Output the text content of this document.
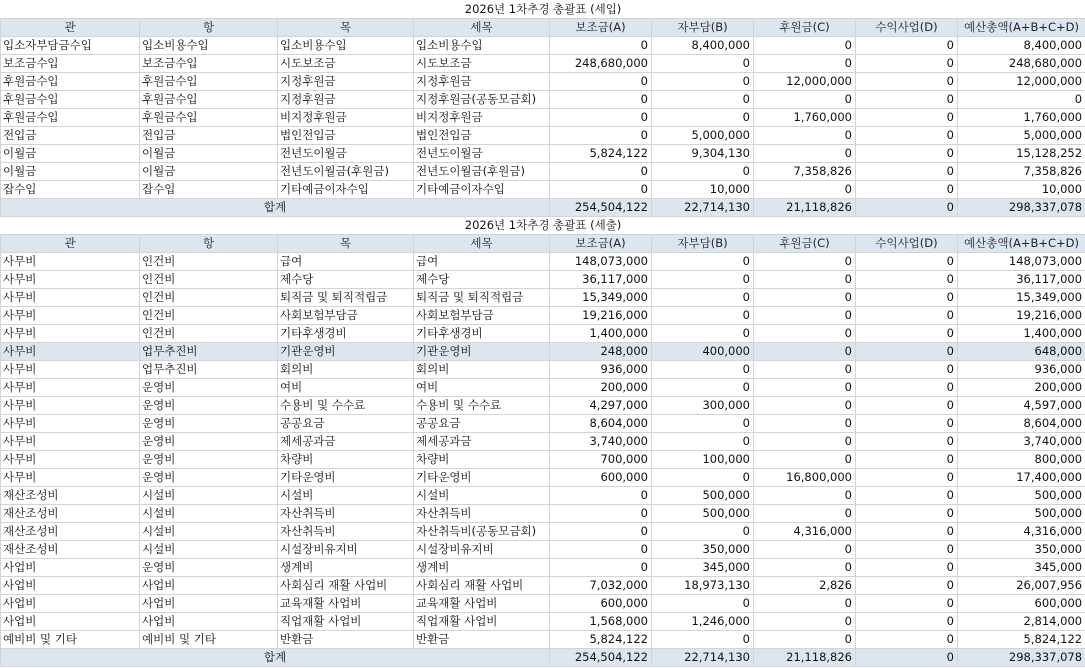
2026년 1차추경 총괄표 (세입)								
관	항	목	세목	보조금(A)	자부담(B)	후원금(C)	수익사업(D)	예산총액(A+B+C+D)
입소자부담금수입	입소비용수입	입소비용수입	입소비용수입	0	8,400,000	0	0	8,400,000
보조금수입	보조금수입	시도보조금	시도보조금	248,680,000	0	0	0	248,680,000
후원금수입	후원금수입	지정후원금	지정후원금	0	0	12,000,000	0	12,000,000
후원금수입	후원금수입	지정후원금	지정후원금(공동모금회)	0	0	0	0	0
후원금수입	후원금수입	비지정후원금	비지정후원금	0	0	1,760,000	0	1,760,000
전입금	전입금	법인전입금	법인전입금	0	5,000,000	0	0	5,000,000
이월금	이월금	전년도이월금	전년도이월금	5,824,122	9,304,130	0	0	15,128,252
이월금	이월금	전년도이월금(후원금)	전년도이월금(후원금)	0	0	7,358,826	0	7,358,826
잡수입	잡수입	기타예금이자수입	기타예금이자수입	0	10,000	0	0	10,000
합계				254,504,122	22,714,130	21,118,826	0	298,337,078
2026년 1차추경 총괄표 (세출)								
관	항	목	세목	보조금(A)	자부담(B)	후원금(C)	수익사업(D)	예산총액(A+B+C+D)
사무비	인건비	급여	급여	148,073,000	0	0	0	148,073,000
사무비	인건비	제수당	제수당	36,117,000	0	0	0	36,117,000
사무비	인건비	퇴직금 및 퇴직적립금	퇴직금 및 퇴직적립금	15,349,000	0	0	0	15,349,000
사무비	인건비	사회보험부담금	사회보험부담금	19,216,000	0	0	0	19,216,000
사무비	인건비	기타후생경비	기타후생경비	1,400,000	0	0	0	1,400,000
사무비	업무추진비	기관운영비	기관운영비	248,000	400,000	0	0	648,000
사무비	업무추진비	회의비	회의비	936,000	0	0	0	936,000
사무비	운영비	여비	여비	200,000	0	0	0	200,000
사무비	운영비	수용비 및 수수료	수용비 및 수수료	4,297,000	300,000	0	0	4,597,000
사무비	운영비	공공요금	공공요금	8,604,000	0	0	0	8,604,000
사무비	운영비	제세공과금	제세공과금	3,740,000	0	0	0	3,740,000
사무비	운영비	차량비	차량비	700,000	100,000	0	0	800,000
사무비	운영비	기타운영비	기타운영비	600,000	0	16,800,000	0	17,400,000
재산조성비	시설비	시설비	시설비	0	500,000	0	0	500,000
재산조성비	시설비	자산취득비	자산취득비	0	500,000	0	0	500,000
재산조성비	시설비	자산취득비	자산취득비(공동모금회)	0	0	4,316,000	0	4,316,000
재산조성비	시설비	시설장비유지비	시설장비유지비	0	350,000	0	0	350,000
사업비	운영비	생계비	생계비	0	345,000	0	0	345,000
사업비	사업비	사회심리 재활 사업비	사회심리 재활 사업비	7,032,000	18,973,130	2,826	0	26,007,956
사업비	사업비	교육재활 사업비	교육재활 사업비	600,000	0	0	0	600,000
사업비	사업비	직업재활 사업비	직업재활 사업비	1,568,000	1,246,000	0	0	2,814,000
예비비 및 기타	예비비 및 기타	반환금	반환금	5,824,122	0	0	0	5,824,122
합계				254,504,122	22,714,130	21,118,826	0	298,337,078
